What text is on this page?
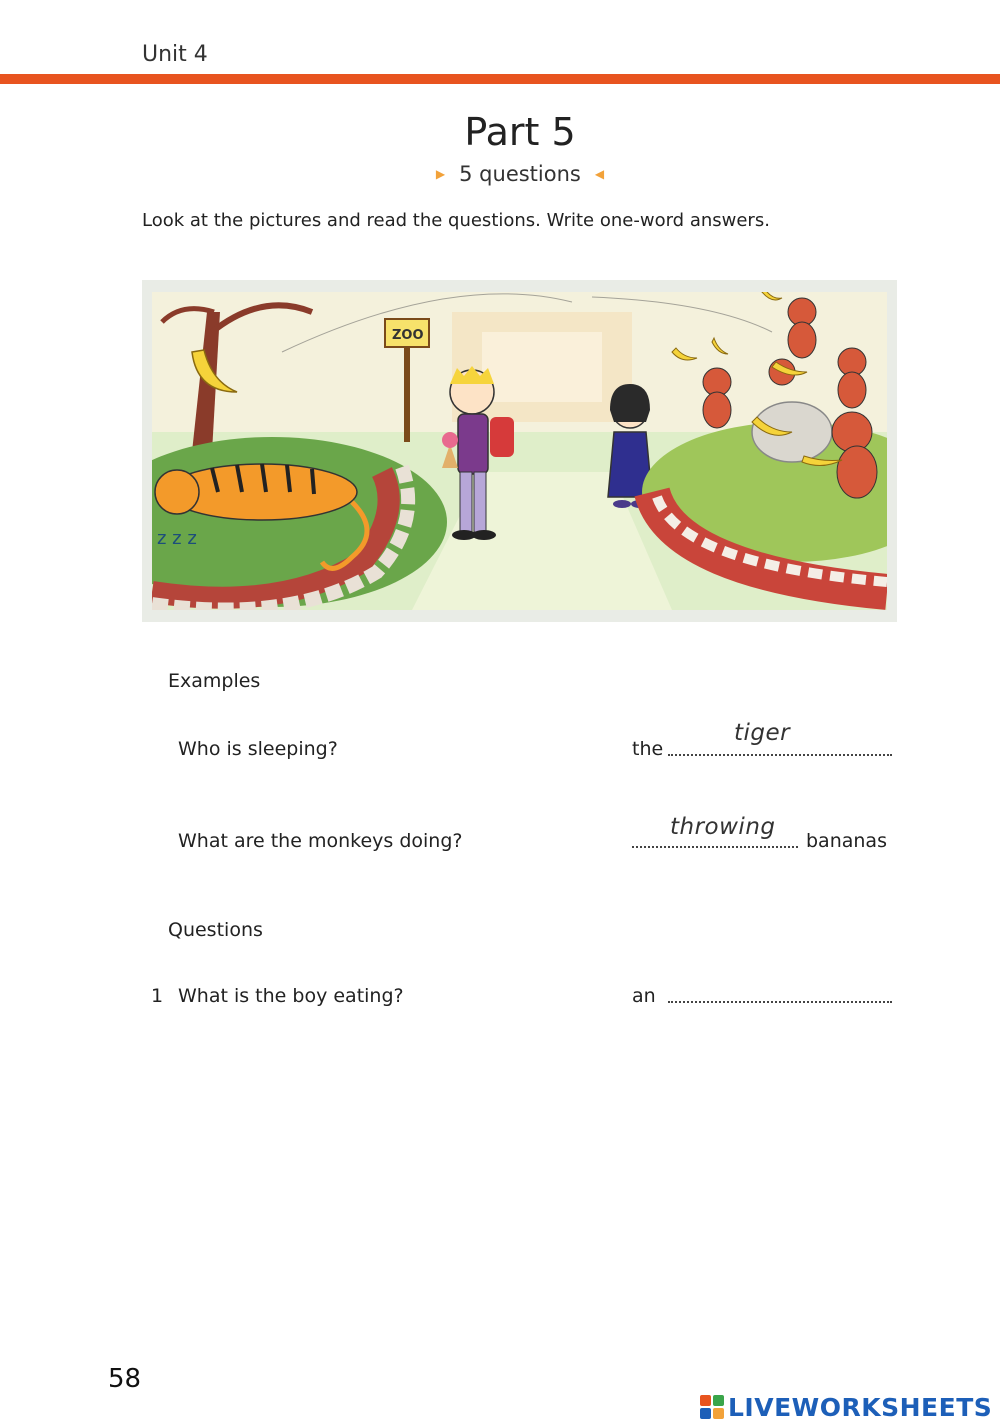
Unit 4
Part 5
▶ 5 questions ◀
Look at the pictures and read the questions. Write one-word answers.
z z z
ZOO
Examples
Who is sleeping?	the
tiger
What are the monkeys doing?
throwing
bananas
Questions
1 What is the boy eating?	an
58
LIVEWORKSHEETS
